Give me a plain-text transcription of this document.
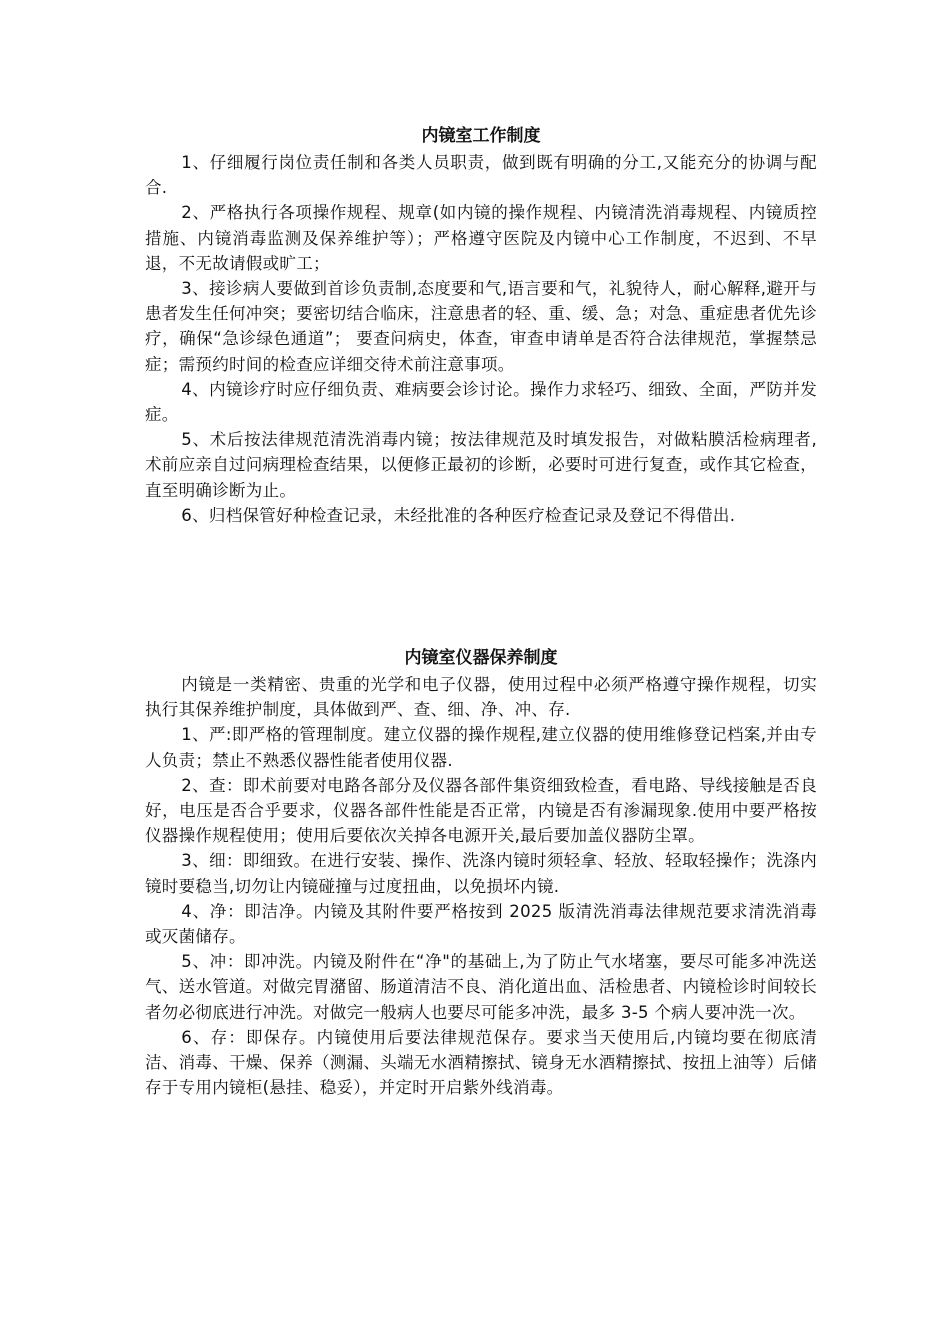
内镜室工作制度

1、仔细履行岗位责任制和各类人员职责，做到既有明确的分工,又能充分的协调与配合.

2、严格执行各项操作规程、规章(如内镜的操作规程、内镜清洗消毒规程、内镜质控措施、内镜消毒监测及保养维护等）；严格遵守医院及内镜中心工作制度，不迟到、不早退，不无故请假或旷工；

3、接诊病人要做到首诊负责制,态度要和气,语言要和气，礼貌待人，耐心解释,避开与患者发生任何冲突；要密切结合临床，注意患者的轻、重、缓、急；对急、重症患者优先诊疗，确保“急诊绿色通道”； 要查问病史，体查，审查申请单是否符合法律规范，掌握禁忌症；需预约时间的检查应详细交待术前注意事项。

4、内镜诊疗时应仔细负责、难病要会诊讨论。操作力求轻巧、细致、全面，严防并发症。

5、术后按法律规范清洗消毒内镜；按法律规范及时填发报告，对做粘膜活检病理者,术前应亲自过问病理检查结果，以便修正最初的诊断，必要时可进行复查，或作其它检查，直至明确诊断为止。

6、归档保管好种检查记录，未经批准的各种医疗检查记录及登记不得借出.

内镜室仪器保养制度

内镜是一类精密、贵重的光学和电子仪器，使用过程中必须严格遵守操作规程，切实执行其保养维护制度，具体做到严、查、细、净、冲、存.

1、严:即严格的管理制度。建立仪器的操作规程,建立仪器的使用维修登记档案,并由专人负责；禁止不熟悉仪器性能者使用仪器.

2、查：即术前要对电路各部分及仪器各部件集资细致检查，看电路、导线接触是否良好，电压是否合乎要求，仪器各部件性能是否正常，内镜是否有渗漏现象.使用中要严格按仪器操作规程使用；使用后要依次关掉各电源开关,最后要加盖仪器防尘罩。

3、细：即细致。在进行安装、操作、洗涤内镜时须轻拿、轻放、轻取轻操作；洗涤内镜时要稳当,切勿让内镜碰撞与过度扭曲，以免损坏内镜.

4、净：即洁净。内镜及其附件要严格按到 2025 版清洗消毒法律规范要求清洗消毒或灭菌储存。

5、冲：即冲洗。内镜及附件在“净"的基础上,为了防止气水堵塞，要尽可能多冲洗送气、送水管道。对做完胃潴留、肠道清洁不良、消化道出血、活检患者、内镜检诊时间较长者勿必彻底进行冲洗。对做完一般病人也要尽可能多冲洗，最多 3-5 个病人要冲洗一次。

6、存：即保存。内镜使用后要法律规范保存。要求当天使用后,内镜均要在彻底清洁、消毒、干燥、保养（测漏、头端无水酒精擦拭、镜身无水酒精擦拭、按扭上油等）后储存于专用内镜柜(悬挂、稳妥），并定时开启紫外线消毒。
